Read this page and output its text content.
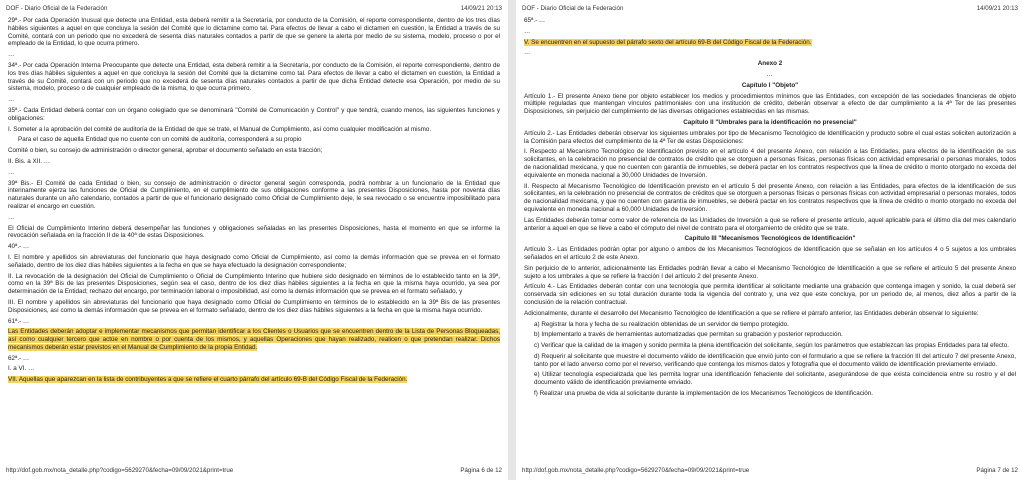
DOF - Diario Oficial de la Federación	14/09/21 20:13

29ª.- Por cada Operación Inusual que detecte una Entidad, esta deberá remitir a la Secretaría, por conducto de la Comisión, el reporte correspondiente, dentro de los tres días hábiles siguientes a aquel en que concluya la sesión del Comité que lo dictamine como tal. Para efectos de llevar a cabo el dictamen en cuestión, la Entidad a través de su Comité, contará con un periodo que no excederá de sesenta días naturales contados a partir de que se genere la alerta por medio de su sistema, modelo, proceso o por el empleado de la Entidad, lo que ocurra primero.

…

34ª.- Por cada Operación Interna Preocupante que detecte una Entidad, esta deberá remitir a la Secretaría, por conducto de la Comisión, el reporte correspondiente, dentro de los tres días hábiles siguientes a aquel en que concluya la sesión del Comité que la dictamine como tal. Para efectos de llevar a cabo el dictamen en cuestión, la Entidad a través de su Comité, contará con un periodo que no excederá de sesenta días naturales contados a partir de que dicha Entidad detecte esa Operación, por medio de su sistema, modelo, proceso o de cualquier empleado de la misma, lo que ocurra primero.

…

35ª.- Cada Entidad deberá contar con un órgano colegiado que se denominará "Comité de Comunicación y Control" y que tendrá, cuando menos, las siguientes funciones y obligaciones:

I. Someter a la aprobación del comité de auditoría de la Entidad de que se trate, el Manual de Cumplimiento, así como cualquier modificación al mismo.

Para el caso de aquella Entidad que no cuente con un comité de auditoría, corresponderá a su propio

Comité o bien, su consejo de administración o director general, aprobar el documento señalado en esta fracción;

II. Bis. a XII. …

…

39ª Bis.- El Comité de cada Entidad o bien, su consejo de administración o director general según corresponda, podrá nombrar a un funcionario de la Entidad que interinamente ejerza las funciones de Oficial de Cumplimiento, en el cumplimiento de sus obligaciones conforme a las presentes Disposiciones, hasta por noventa días naturales durante un año calendario, contados a partir de que el funcionario designado como Oficial de Cumplimiento deje, le sea revocado o se encuentre imposibilitado para realizar el encargo en cuestión.

…

El Oficial de Cumplimiento Interino deberá desempeñar las funciones y obligaciones señaladas en las presentes Disposiciones, hasta el momento en que se informe la revocación señalada en la fracción II de la 40ª de estas Disposiciones.

40ª.- …

I. El nombre y apellidos sin abreviaturas del funcionario que haya designado como Oficial de Cumplimiento, así como la demás información que se prevea en el formato señalado, dentro de los diez días hábiles siguientes a la fecha en que se haya efectuado la designación correspondiente;

II. La revocación de la designación del Oficial de Cumplimiento o Oficial de Cumplimiento Interino que hubiere sido designado en términos de lo establecido tanto en la 39ª, como en la 39ª Bis de las presentes Disposiciones, según sea el caso, dentro de los diez días hábiles siguientes a la fecha en que la misma haya ocurrido, ya sea por determinación de la Entidad; rechazo del encargo, por terminación laboral o imposibilidad, así como la demás información que se prevea en el formato señalado, y

III. El nombre y apellidos sin abreviaturas del funcionario que haya designado como Oficial de Cumplimiento en términos de lo establecido en la 39ª Bis de las presentes Disposiciones, así como la demás información que se prevea en el formato señalado, dentro de los diez días hábiles siguientes a la fecha en que la misma haya ocurrido.

61ª.- …

Las Entidades deberán adoptar e implementar mecanismos que permitan identificar a los Clientes o Usuarios que se encuentren dentro de la Lista de Personas Bloqueadas, así como cualquier tercero que actúe en nombre o por cuenta de los mismos, y aquellas Operaciones que hayan realizado, realicen o que pretendan realizar. Dichos mecanismos deberán estar previstos en el Manual de Cumplimiento de la propia Entidad.

62ª.- …

I. a VI. …

VII. Aquellas que aparezcan en la lista de contribuyentes a que se refiere el cuarto párrafo del artículo 69-B del Código Fiscal de la Federación.

http://dof.gob.mx/nota_detalle.php?codigo=5629270&fecha=09/09/2021&print=true	Página 6 de 12
DOF - Diario Oficial de la Federación	14/09/21 20:13

65ª.- …

…

V. Se encuentren en el supuesto del párrafo sexto del artículo 69-B del Código Fiscal de la Federación.

…
Anexo 2
…
Capítulo I "Objeto"

Artículo 1.- El presente Anexo tiene por objeto establecer los medios y procedimientos mínimos que las Entidades, con excepción de las sociedades financieras de objeto múltiple reguladas que mantengan vínculos patrimoniales con una institución de crédito, deberán observar a efecto de dar cumplimiento a la 4ª Ter de las presentes Disposiciones, sin perjuicio del cumplimiento de las diversas obligaciones establecidas en las mismas.

Capítulo II "Umbrales para la identificación no presencial"

Artículo 2.- Las Entidades deberán observar los siguientes umbrales por tipo de Mecanismo Tecnológico de Identificación y producto sobre el cual estas soliciten autorización a la Comisión para efectos del cumplimiento de la 4ª Ter de estas Disposiciones:

I. Respecto al Mecanismo Tecnológico de Identificación previsto en el artículo 4 del presente Anexo, con relación a las Entidades, para efectos de la identificación de sus solicitantes, en la celebración no presencial de contratos de crédito que se otorguen a personas físicas, personas físicas con actividad empresarial o personas morales, todos de nacionalidad mexicana, y que no cuenten con garantía de inmuebles, se deberá pactar en los contratos respectivos que la línea de crédito o monto otorgado no exceda del equivalente en moneda nacional a 30,000 Unidades de Inversión.

II. Respecto al Mecanismo Tecnológico de Identificación previsto en el artículo 5 del presente Anexo, con relación a las Entidades, para efectos de la identificación de sus solicitantes, en la celebración no presencial de contratos de créditos que se otorguen a personas físicas o personas físicas con actividad empresarial o personas morales, todos de nacionalidad mexicana, y que no cuenten con garantía de inmuebles, se deberá pactar en los contratos respectivos que la línea de crédito o monto otorgado no exceda del equivalente en moneda nacional a 60,000 Unidades de Inversión.

Las Entidades deberán tomar como valor de referencia de las Unidades de Inversión a que se refiere el presente artículo, aquel aplicable para el último día del mes calendario anterior a aquel en que se lleve a cabo el cómputo del nivel de contrato para el otorgamiento de crédito que se trate.

Capítulo III "Mecanismos Tecnológicos de Identificación"

Artículo 3.- Las Entidades podrán optar por alguno o ambos de los Mecanismos Tecnológicos de Identificación que se señalan en los artículos 4 o 5 sujetos a los umbrales señalados en el artículo 2 de este Anexo.

Sin perjuicio de lo anterior, adicionalmente las Entidades podrán llevar a cabo el Mecanismo Tecnológico de Identificación a que se refiere el artículo 5 del presente Anexo sujeto a los umbrales a que se refiere la fracción I del artículo 2 del presente Anexo.

Artículo 4.- Las Entidades deberán contar con una tecnología que permita identificar al solicitante mediante una grabación que contenga imagen y sonido, la cual deberá ser conservada sin ediciones en su total duración durante toda la vigencia del contrato y, una vez que este concluya, por un periodo de, al menos, diez años a partir de la conclusión de la relación contractual.

Adicionalmente, durante el desarrollo del Mecanismo Tecnológico de Identificación a que se refiere el párrafo anterior, las Entidades deberán observar lo siguiente:

a) Registrar la hora y fecha de su realización obtenidas de un servidor de tiempo protegido.

b) Implementarlo a través de herramientas automatizadas que permitan su grabación y posterior reproducción.

c) Verificar que la calidad de la imagen y sonido permita la plena identificación del solicitante, según los parámetros que establezcan las propias Entidades para tal efecto.

d) Requerir al solicitante que muestre el documento válido de identificación que envió junto con el formulario a que se refiere la fracción III del artículo 7 del presente Anexo, tanto por el lado anverso como por el reverso, verificando que contenga los mismos datos y fotografía que el documento válido de identificación previamente enviado.

e) Utilizar tecnología especializada que les permita lograr una identificación fehaciente del solicitante, asegurándose de que exista coincidencia entre su rostro y el del documento válido de identificación previamente enviado.

f) Realizar una prueba de vida al solicitante durante la implementación de los Mecanismos Tecnológicos de Identificación.

http://dof.gob.mx/nota_detalle.php?codigo=5629270&fecha=09/09/2021&print=true	Página 7 de 12
